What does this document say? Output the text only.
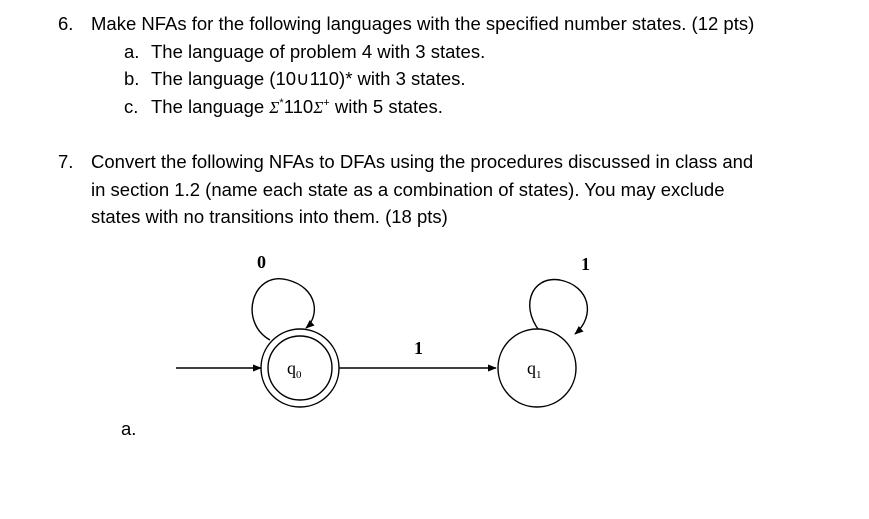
6. Make NFAs for the following languages with the specified number states. (12 pts)
a. The language of problem 4 with 3 states.
b. The language (10∪110)* with 3 states.
c. The language Σ*110Σ+ with 5 states.
7. Convert the following NFAs to DFAs using the procedures discussed in class and
in section 1.2 (name each state as a combination of states). You may exclude
states with no transitions into them. (18 pts)
a.
0
$q_0$
1
1
$q_1$
